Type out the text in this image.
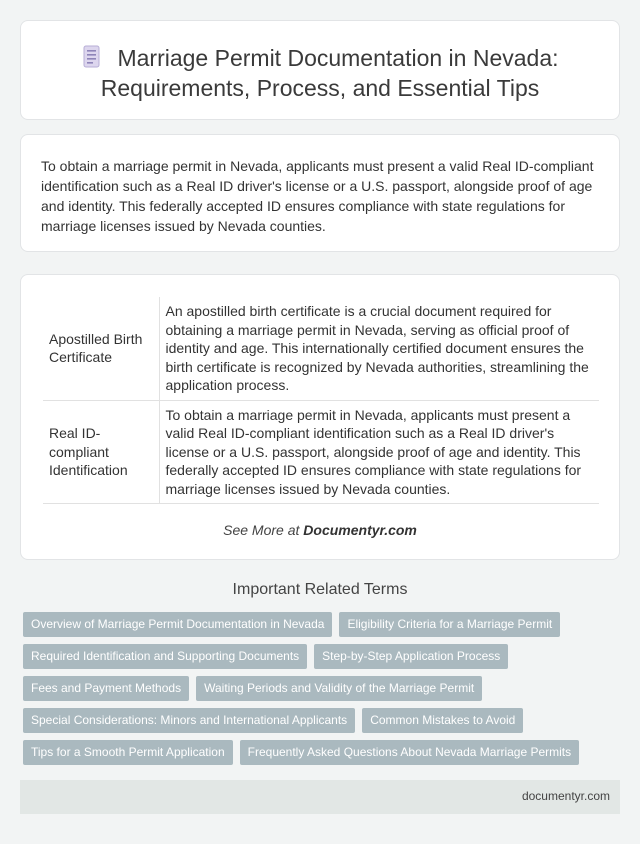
Marriage Permit Documentation in Nevada:
Requirements, Process, and Essential Tips

To obtain a marriage permit in Nevada, applicants must present a valid Real ID-compliant identification such as a Real ID driver's license or a U.S. passport, alongside proof of age and identity. This federally accepted ID ensures compliance with state regulations for marriage licenses issued by Nevada counties.

Apostilled Birth Certificate	An apostilled birth certificate is a crucial document required for obtaining a marriage permit in Nevada, serving as official proof of identity and age. This internationally certified document ensures the birth certificate is recognized by Nevada authorities, streamlining the application process.
Real ID-compliant Identification	To obtain a marriage permit in Nevada, applicants must present a valid Real ID-compliant identification such as a Real ID driver's license or a U.S. passport, alongside proof of age and identity. This federally accepted ID ensures compliance with state regulations for marriage licenses issued by Nevada counties.
See More at Documentyr.com
Important Related Terms
Overview of Marriage Permit Documentation in Nevada Eligibility Criteria for a Marriage Permit
Required Identification and Supporting Documents Step-by-Step Application Process
Fees and Payment Methods Waiting Periods and Validity of the Marriage Permit
Special Considerations: Minors and International Applicants Common Mistakes to Avoid
Tips for a Smooth Permit Application Frequently Asked Questions About Nevada Marriage Permits
documentyr.com
